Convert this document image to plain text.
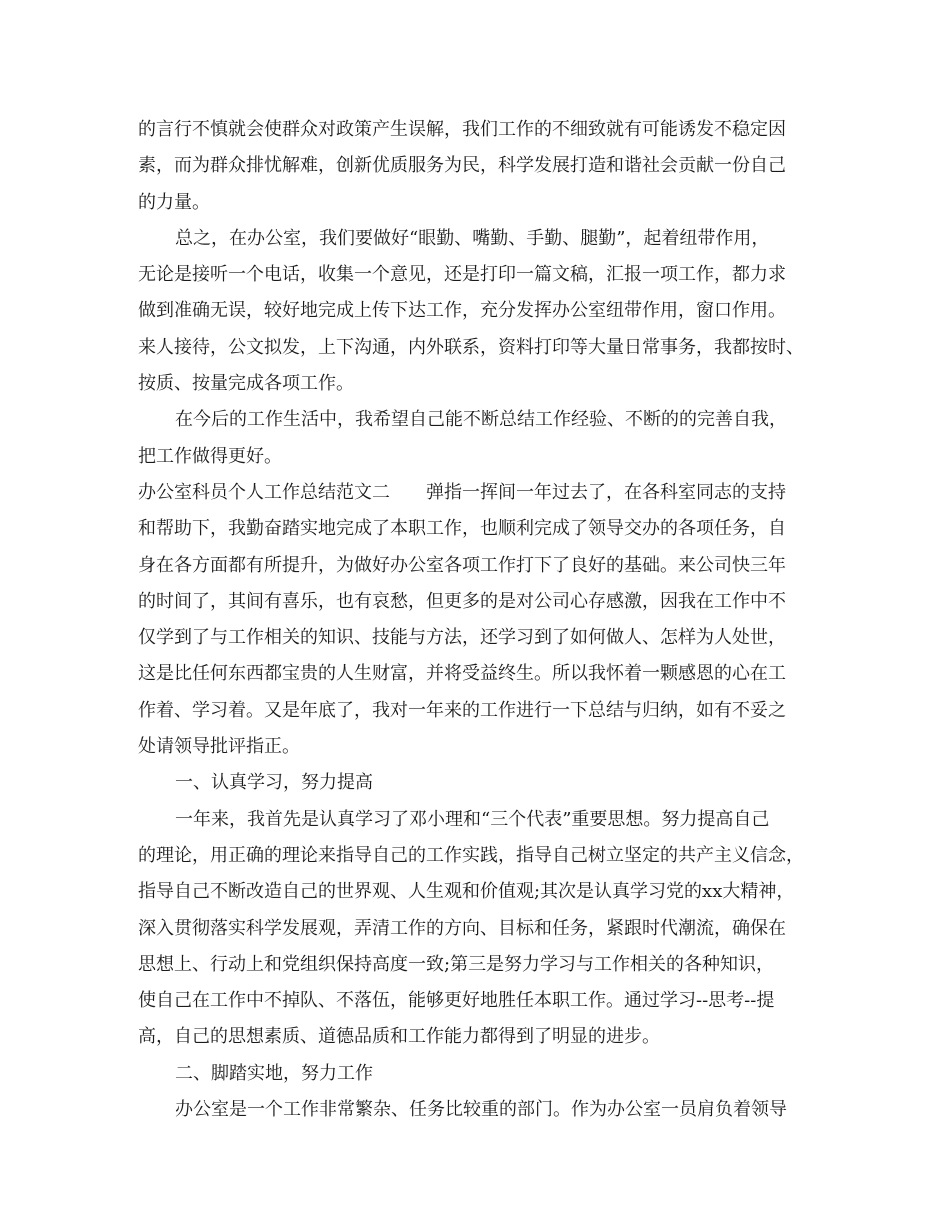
的言行不慎就会使群众对政策产生误解，我们工作的不细致就有可能诱发不稳定因
素，而为群众排忧解难，创新优质服务为民，科学发展打造和谐社会贡献一份自己
的力量。
总之，在办公室，我们要做好“眼勤、嘴勤、手勤、腿勤”，起着纽带作用，
无论是接听一个电话，收集一个意见，还是打印一篇文稿，汇报一项工作，都力求
做到准确无误，较好地完成上传下达工作，充分发挥办公室纽带作用，窗口作用。
来人接待，公文拟发，上下沟通，内外联系，资料打印等大量日常事务，我都按时、
按质、按量完成各项工作。
在今后的工作生活中，我希望自己能不断总结工作经验、不断的的完善自我，
把工作做得更好。
办公室科员个人工作总结范文二　　弹指一挥间一年过去了，在各科室同志的支持
和帮助下，我勤奋踏实地完成了本职工作，也顺利完成了领导交办的各项任务，自
身在各方面都有所提升，为做好办公室各项工作打下了良好的基础。来公司快三年
的时间了，其间有喜乐，也有哀愁，但更多的是对公司心存感激，因我在工作中不
仅学到了与工作相关的知识、技能与方法，还学习到了如何做人、怎样为人处世，
这是比任何东西都宝贵的人生财富，并将受益终生。所以我怀着一颗感恩的心在工
作着、学习着。又是年底了，我对一年来的工作进行一下总结与归纳，如有不妥之
处请领导批评指正。
一、认真学习，努力提高
一年来，我首先是认真学习了邓小理和“三个代表”重要思想。努力提高自己
的理论，用正确的理论来指导自己的工作实践，指导自己树立坚定的共产主义信念，
指导自己不断改造自己的世界观、人生观和价值观;其次是认真学习党的xx大精神，
深入贯彻落实科学发展观，弄清工作的方向、目标和任务，紧跟时代潮流，确保在
思想上、行动上和党组织保持高度一致;第三是努力学习与工作相关的各种知识，
使自己在工作中不掉队、不落伍，能够更好地胜任本职工作。通过学习--思考--提
高，自己的思想素质、道德品质和工作能力都得到了明显的进步。
二、脚踏实地，努力工作
办公室是一个工作非常繁杂、任务比较重的部门。作为办公室一员肩负着领导
